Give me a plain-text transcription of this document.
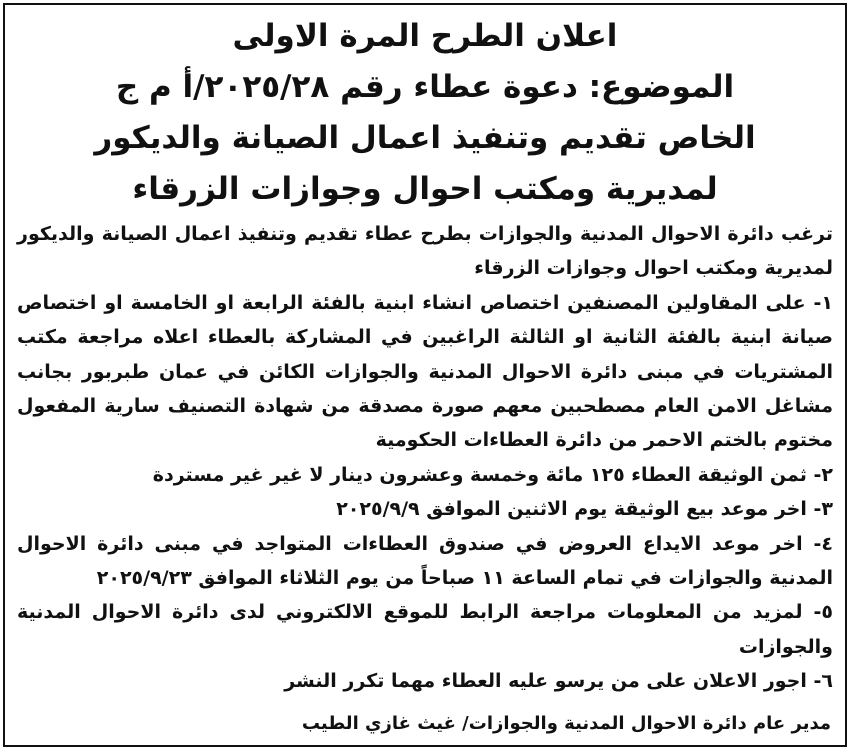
اعلان الطرح المرة الاولى

الموضوع: دعوة عطاء رقم ٢٠٢٥/٢٨/أ م ج

الخاص تقديم وتنفيذ اعمال الصيانة والديكور

لمديرية ومكتب احوال وجوازات الزرقاء

ترغب دائرة الاحوال المدنية والجوازات بطرح عطاء تقديم وتنفيذ اعمال الصيانة والديكور لمديرية ومكتب احوال وجوازات الزرقاء

١- على المقاولين المصنفين اختصاص انشاء ابنية بالفئة الرابعة او الخامسة او اختصاص صيانة ابنية بالفئة الثانية او الثالثة الراغبين في المشاركة بالعطاء اعلاه مراجعة مكتب المشتريات في مبنى دائرة الاحوال المدنية والجوازات الكائن في عمان طبربور بجانب مشاغل الامن العام مصطحبين معهم صورة مصدقة من شهادة التصنيف سارية المفعول مختوم بالختم الاحمر من دائرة العطاءات الحكومية

٢- ثمن الوثيقة العطاء ١٢٥ مائة وخمسة وعشرون دينار لا غير غير مستردة

٣- اخر موعد بيع الوثيقة يوم الاثنين الموافق ٢٠٢٥/٩/٩

٤- اخر موعد الايداع العروض في صندوق العطاءات المتواجد في مبنى دائرة الاحوال المدنية والجوازات في تمام الساعة ١١ صباحاً من يوم الثلاثاء الموافق ٢٠٢٥/٩/٢٣

٥- لمزيد من المعلومات مراجعة الرابط للموقع الالكتروني لدى دائرة الاحوال المدنية والجوازات

٦- اجور الاعلان على من يرسو عليه العطاء مهما تكرر النشر

مدير عام دائرة الاحوال المدنية والجوازات/ غيث غازي الطيب
